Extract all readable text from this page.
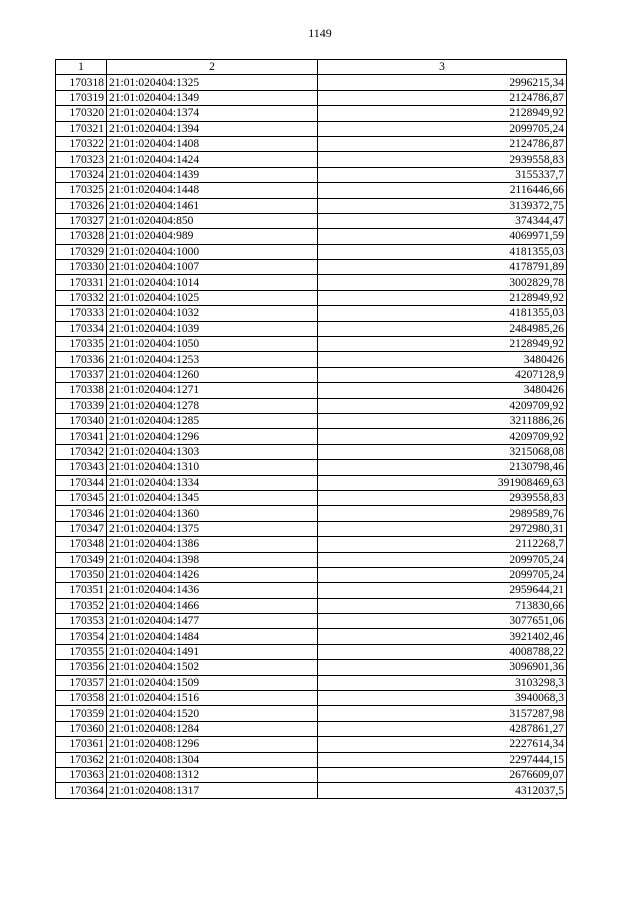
1149
1	2	3
170318	21:01:020404:1325	2996215,34
170319	21:01:020404:1349	2124786,87
170320	21:01:020404:1374	2128949,92
170321	21:01:020404:1394	2099705,24
170322	21:01:020404:1408	2124786,87
170323	21:01:020404:1424	2939558,83
170324	21:01:020404:1439	3155337,7
170325	21:01:020404:1448	2116446,66
170326	21:01:020404:1461	3139372,75
170327	21:01:020404:850	374344,47
170328	21:01:020404:989	4069971,59
170329	21:01:020404:1000	4181355,03
170330	21:01:020404:1007	4178791,89
170331	21:01:020404:1014	3002829,78
170332	21:01:020404:1025	2128949,92
170333	21:01:020404:1032	4181355,03
170334	21:01:020404:1039	2484985,26
170335	21:01:020404:1050	2128949,92
170336	21:01:020404:1253	3480426
170337	21:01:020404:1260	4207128,9
170338	21:01:020404:1271	3480426
170339	21:01:020404:1278	4209709,92
170340	21:01:020404:1285	3211886,26
170341	21:01:020404:1296	4209709,92
170342	21:01:020404:1303	3215068,08
170343	21:01:020404:1310	2130798,46
170344	21:01:020404:1334	391908469,63
170345	21:01:020404:1345	2939558,83
170346	21:01:020404:1360	2989589,76
170347	21:01:020404:1375	2972980,31
170348	21:01:020404:1386	2112268,7
170349	21:01:020404:1398	2099705,24
170350	21:01:020404:1426	2099705,24
170351	21:01:020404:1436	2959644,21
170352	21:01:020404:1466	713830,66
170353	21:01:020404:1477	3077651,06
170354	21:01:020404:1484	3921402,46
170355	21:01:020404:1491	4008788,22
170356	21:01:020404:1502	3096901,36
170357	21:01:020404:1509	3103298,3
170358	21:01:020404:1516	3940068,3
170359	21:01:020404:1520	3157287,98
170360	21:01:020408:1284	4287861,27
170361	21:01:020408:1296	2227614,34
170362	21:01:020408:1304	2297444,15
170363	21:01:020408:1312	2676609,07
170364	21:01:020408:1317	4312037,5
